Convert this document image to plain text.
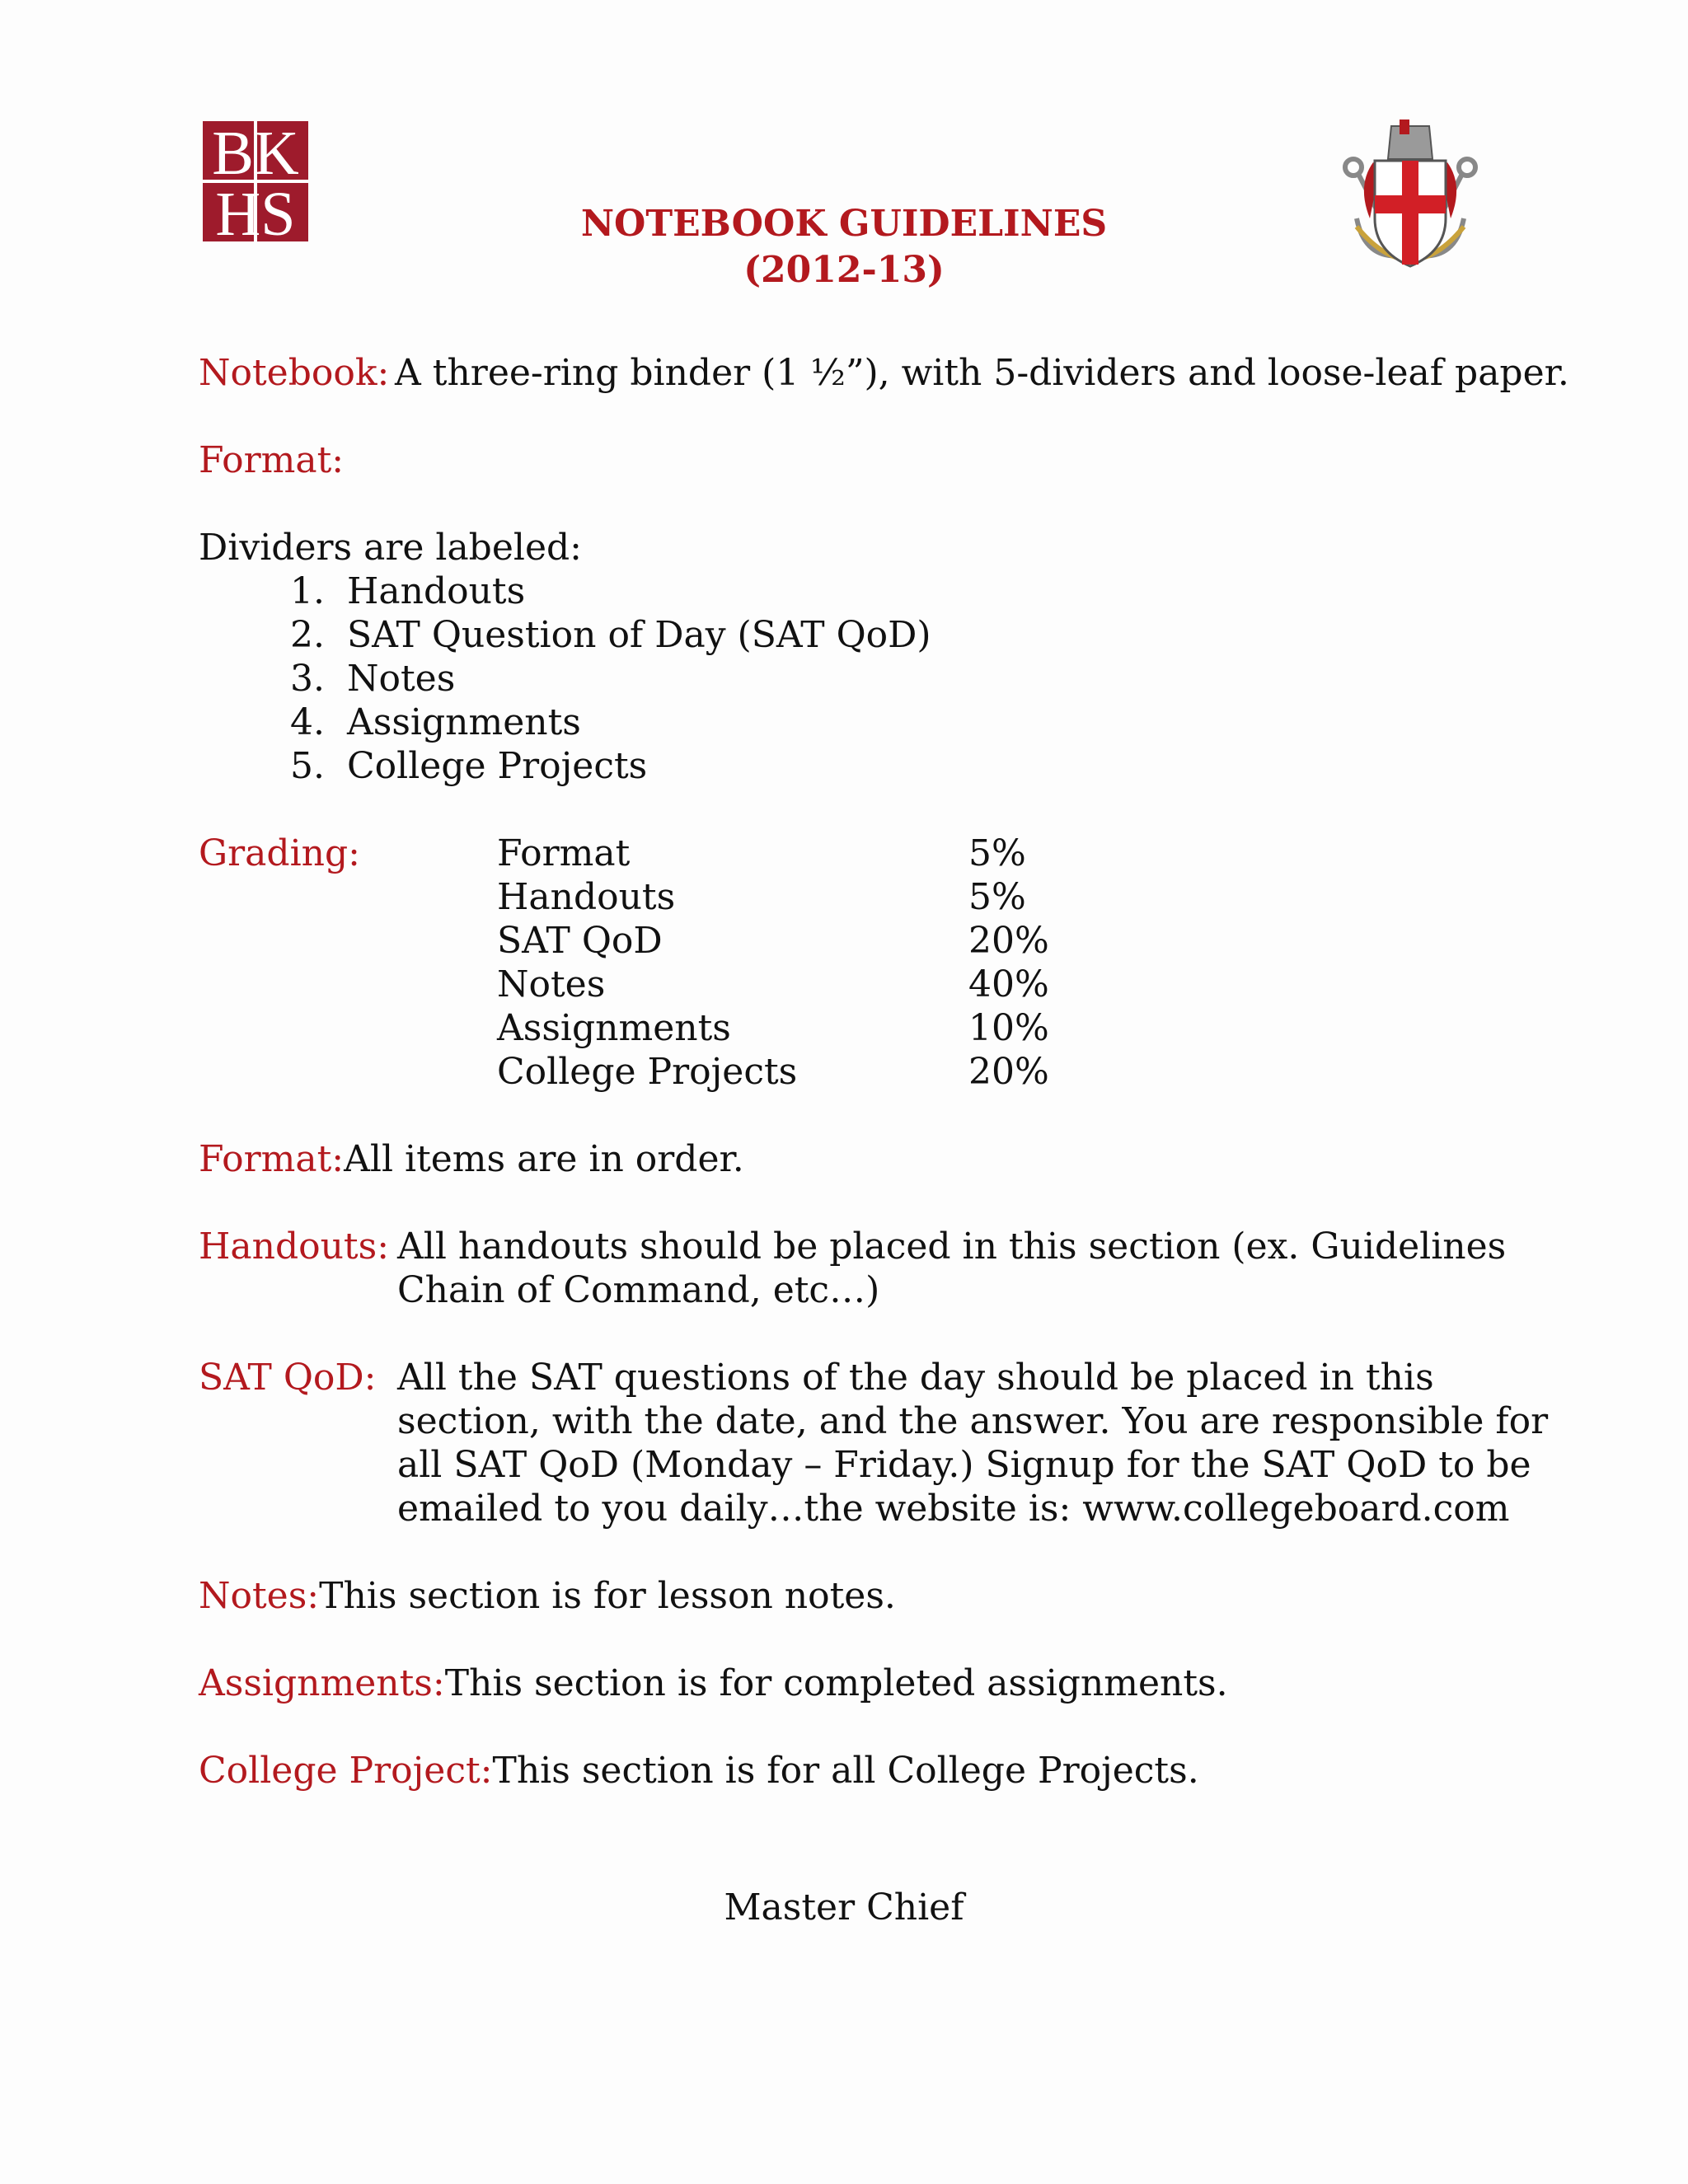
BK
HS	NOTEBOOK GUIDELINES
(2012-13)
Notebook: A three-ring binder (1 ½”), with 5-dividers and loose-leaf paper.
Format:
Dividers are labeled:
1. Handouts
2. SAT Question of Day (SAT QoD)
3. Notes
4. Assignments
5. College Projects
Grading:	Format	5%
Handouts	5%
SAT QoD	20%
Notes	40%
Assignments	10%
College Projects	20%
Format:All items are in order.
Handouts: All handouts should be placed in this section (ex. Guidelines
Chain of Command, etc…)
SAT QoD: All the SAT questions of the day should be placed in this
section, with the date, and the answer. You are responsible for
all SAT QoD (Monday – Friday.) Signup for the SAT QoD to be
emailed to you daily…the website is: www.collegeboard.com
Notes:This section is for lesson notes.
Assignments:This section is for completed assignments.
College Project:This section is for all College Projects.
Master Chief
